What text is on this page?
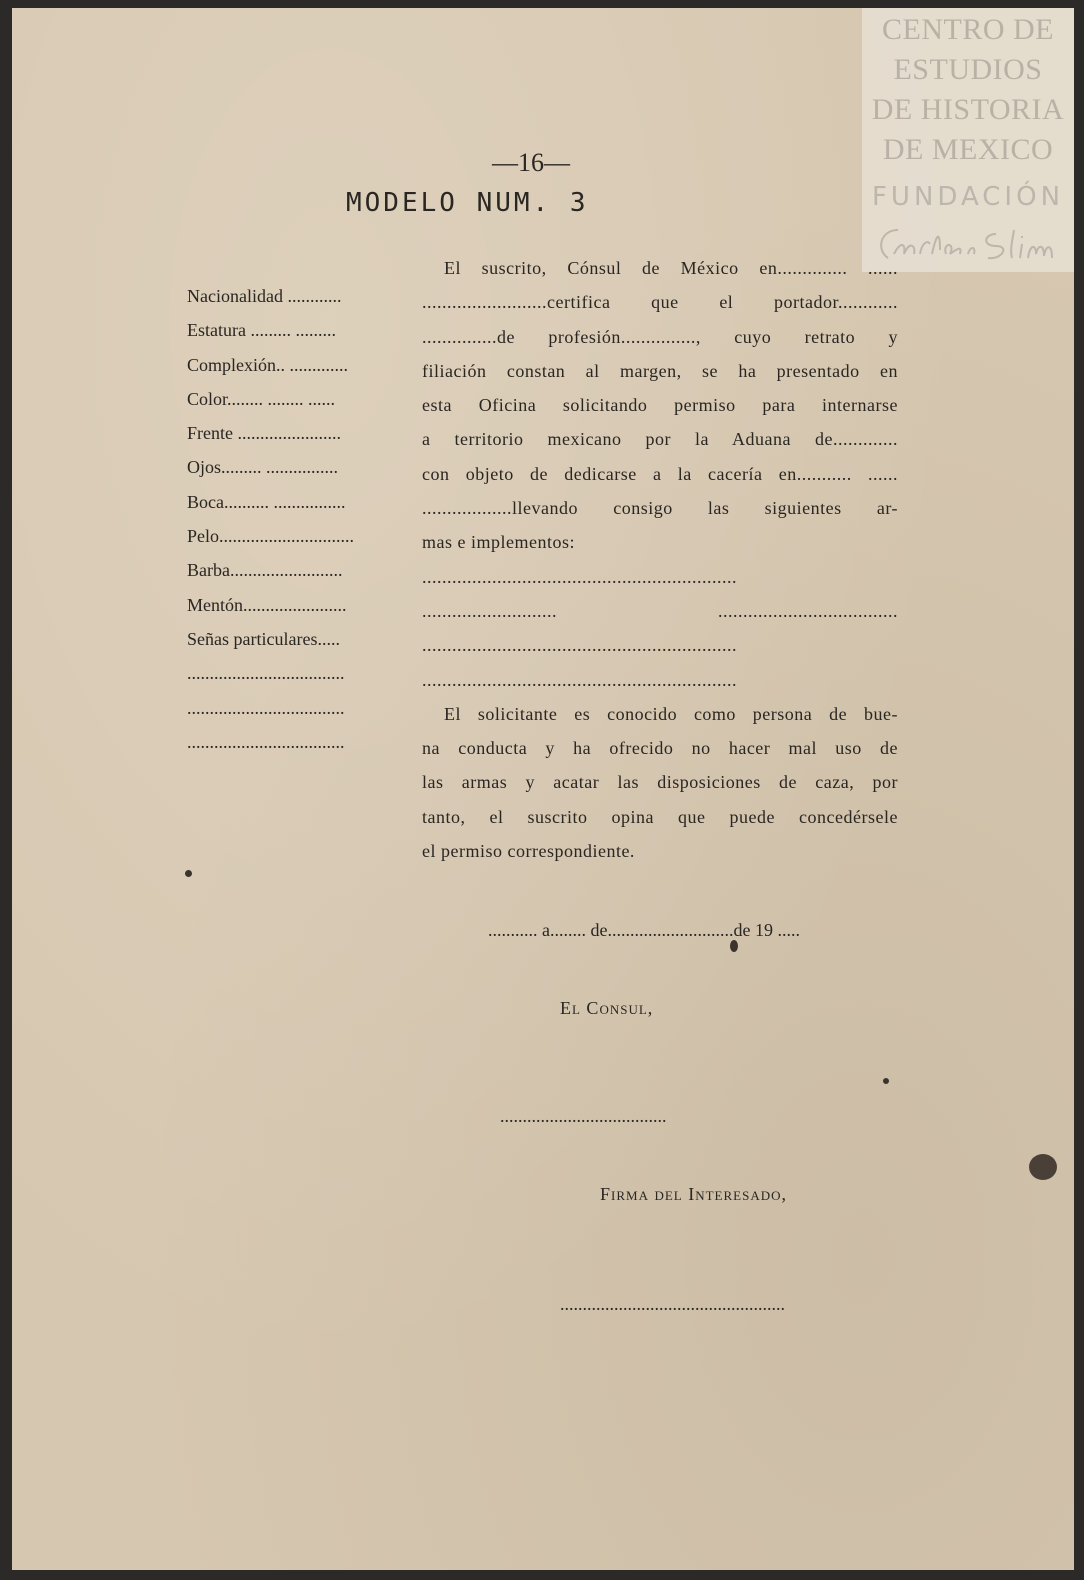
CENTRO DE
ESTUDIOS
DE HISTORIA
DE MEXICO
FUNDACIÓN
—16—
MODELO NUM. 3
Nacionalidad ............
Estatura ......... .........
Complexión.. .............
Color........ ........ ......
Frente .......................
Ojos......... ................
Boca.......... ................
Pelo..............................
Barba.........................
Mentón.......................
Señas particulares.....
...................................
...................................
...................................
El suscrito, Cónsul de México en.............. ......
.........................certifica que el portador............
...............de profesión..............., cuyo retrato y
filiación constan al margen, se ha presentado en
esta Oficina solicitando permiso para internarse
a territorio mexicano por la Aduana de.............
con objeto de dedicarse a la cacería en........... ......
..................llevando consigo las siguientes ar-
mas e implementos:
...............................................................
........................... ....................................
...............................................................
...............................................................
El solicitante es conocido como persona de bue-
na conducta y ha ofrecido no hacer mal uso de
las armas y acatar las disposiciones de caza, por
tanto, el suscrito opina que puede concedérsele
el permiso correspondiente.
........... a........ de............................de 19 .....
El Consul,
.....................................
Firma del Interesado,
..................................................
